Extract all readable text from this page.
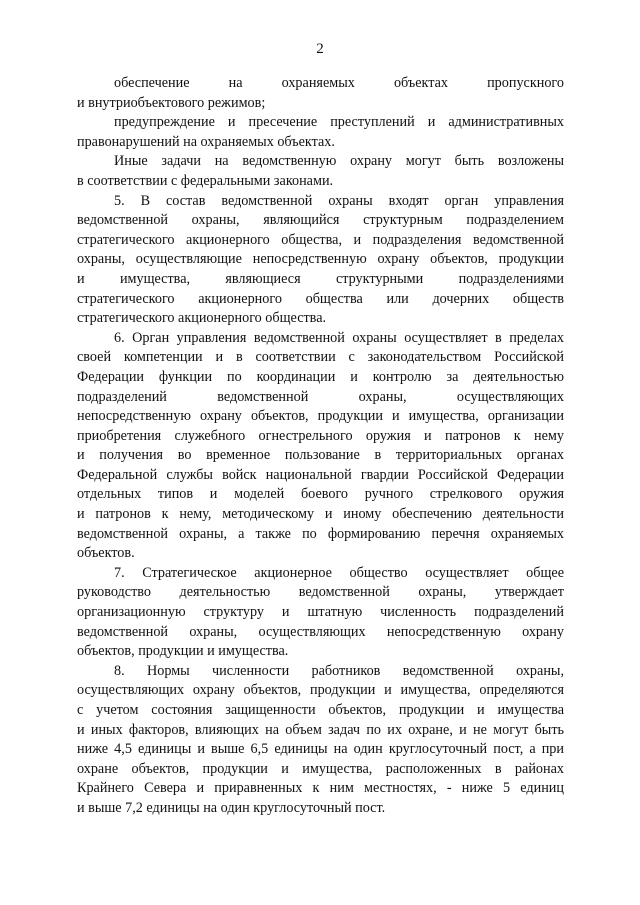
2
обеспечение на охраняемых объектах пропускного
и внутриобъектового режимов;
предупреждение и пресечение преступлений и административных
правонарушений на охраняемых объектах.
Иные задачи на ведомственную охрану могут быть возложены
в соответствии с федеральными законами.
5. В состав ведомственной охраны входят орган управления
ведомственной охраны, являющийся структурным подразделением
стратегического акционерного общества, и подразделения ведомственной
охраны, осуществляющие непосредственную охрану объектов, продукции
и имущества, являющиеся структурными подразделениями
стратегического акционерного общества или дочерних обществ
стратегического акционерного общества.
6. Орган управления ведомственной охраны осуществляет в пределах
своей компетенции и в соответствии с законодательством Российской
Федерации функции по координации и контролю за деятельностью
подразделений ведомственной охраны, осуществляющих
непосредственную охрану объектов, продукции и имущества, организации
приобретения служебного огнестрельного оружия и патронов к нему
и получения во временное пользование в территориальных органах
Федеральной службы войск национальной гвардии Российской Федерации
отдельных типов и моделей боевого ручного стрелкового оружия
и патронов к нему, методическому и иному обеспечению деятельности
ведомственной охраны, а также по формированию перечня охраняемых
объектов.
7. Стратегическое акционерное общество осуществляет общее
руководство деятельностью ведомственной охраны, утверждает
организационную структуру и штатную численность подразделений
ведомственной охраны, осуществляющих непосредственную охрану
объектов, продукции и имущества.
8. Нормы численности работников ведомственной охраны,
осуществляющих охрану объектов, продукции и имущества, определяются
с учетом состояния защищенности объектов, продукции и имущества
и иных факторов, влияющих на объем задач по их охране, и не могут быть
ниже 4,5 единицы и выше 6,5 единицы на один круглосуточный пост, а при
охране объектов, продукции и имущества, расположенных в районах
Крайнего Севера и приравненных к ним местностях, - ниже 5 единиц
и выше 7,2 единицы на один круглосуточный пост.
